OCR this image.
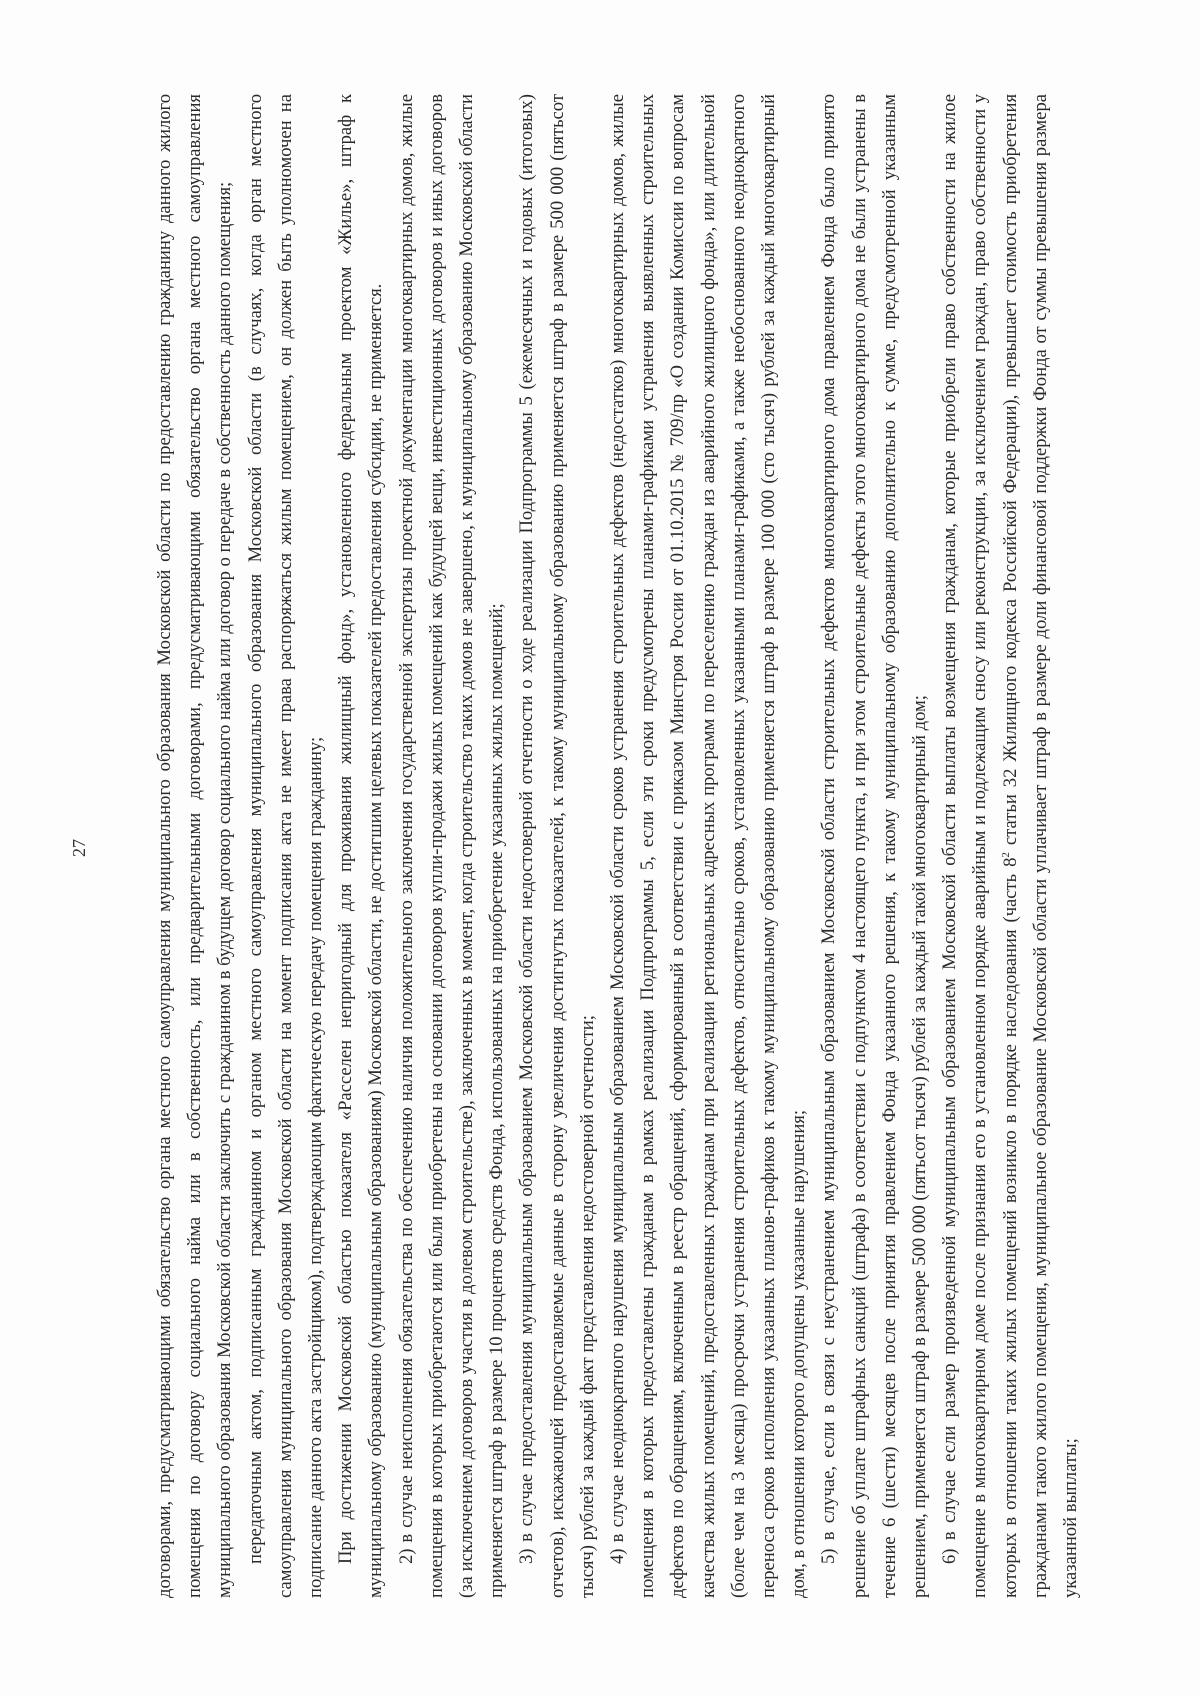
27	договорами, предусматривающими обязательство органа местного самоуправления муниципального образования Московской области по предоставлению гражданину данного жилого помещения по договору социального найма или в собственность, или предварительными договорами, предусматривающими обязательство органа местного самоуправления муниципального образования Московской области заключить с гражданином в будущем договор социального найма или договор о передаче в собственность данного помещения; передаточным актом, подписанным гражданином и органом местного самоуправления муниципального образования Московской области (в случаях, когда орган местного самоуправления муниципального образования Московской области на момент подписания акта не имеет права распоряжаться жилым помещением, он должен быть уполномочен на подписание данного акта застройщиком), подтверждающим фактическую передачу помещения гражданину; При достижении Московской областью показателя «Расселен непригодный для проживания жилищный фонд», установленного федеральным проектом «Жилье», штраф к муниципальному образованию (муниципальным образованиям) Московской области, не достигшим целевых показателей предоставления субсидии, не применяется. 2) в случае неисполнения обязательства по обеспечению наличия положительного заключения государственной экспертизы проектной документации многоквартирных домов, жилые помещения в которых приобретаются или были приобретены на основании договоров купли-продажи жилых помещений как будущей вещи, инвестиционных договоров и иных договоров (за исключением договоров участия в долевом строительстве), заключенных в момент, когда строительство таких домов не завершено, к муниципальному образованию Московской области применяется штраф в размере 10 процентов средств Фонда, использованных на приобретение указанных жилых помещений; 3) в случае предоставления муниципальным образованием Московской области недостоверной отчетности о ходе реализации Подпрограммы 5 (ежемесячных и годовых (итоговых) отчетов), искажающей предоставляемые данные в сторону увеличения достигнутых показателей, к такому муниципальному образованию применяется штраф в размере 500 000 (пятьсот тысяч) рублей за каждый факт представления недостоверной отчетности; 4) в случае неоднократного нарушения муниципальным образованием Московской области сроков устранения строительных дефектов (недостатков) многоквартирных домов, жилые помещения в которых предоставлены гражданам в рамках реализации Подпрограммы 5, если эти сроки предусмотрены планами-графиками устранения выявленных строительных дефектов по обращениям, включенным в реестр обращений, сформированный в соответствии с приказом Минстроя России от 01.10.2015 № 709/пр «О создании Комиссии по вопросам качества жилых помещений, предоставленных гражданам при реализации региональных адресных программ по переселению граждан из аварийного жилищного фонда», или длительной (более чем на 3 месяца) просрочки устранения строительных дефектов, относительно сроков, установленных указанными планами-графиками, а также необоснованного неоднократного переноса сроков исполнения указанных планов-графиков к такому муниципальному образованию применяется штраф в размере 100 000 (сто тысяч) рублей за каждый многоквартирный дом, в отношении которого допущены указанные нарушения; 5) в случае, если в связи с неустранением муниципальным образованием Московской области строительных дефектов многоквартирного дома правлением Фонда было принято решение об уплате штрафных санкций (штрафа) в соответствии с подпунктом 4 настоящего пункта, и при этом строительные дефекты этого многоквартирного дома не были устранены в течение 6 (шести) месяцев после принятия правлением Фонда указанного решения, к такому муниципальному образованию дополнительно к сумме, предусмотренной указанным решением, применяется штраф в размере 500 000 (пятьсот тысяч) рублей за каждый такой многоквартирный дом; 6) в случае если размер произведенной муниципальным образованием Московской области выплаты возмещения гражданам, которые приобрели право собственности на жилое помещение в многоквартирном доме после признания его в установленном порядке аварийным и подлежащим сносу или реконструкции, за исключением граждан, право собственности у которых в отношении таких жилых помещений возникло в порядке наследования (часть $8^2$ статьи 32 Жилищного кодекса Российской Федерации), превышает стоимость приобретения гражданами такого жилого помещения, муниципальное образование Московской области уплачивает штраф в размере доли финансовой поддержки Фонда от суммы превышения размера указанной выплаты;
